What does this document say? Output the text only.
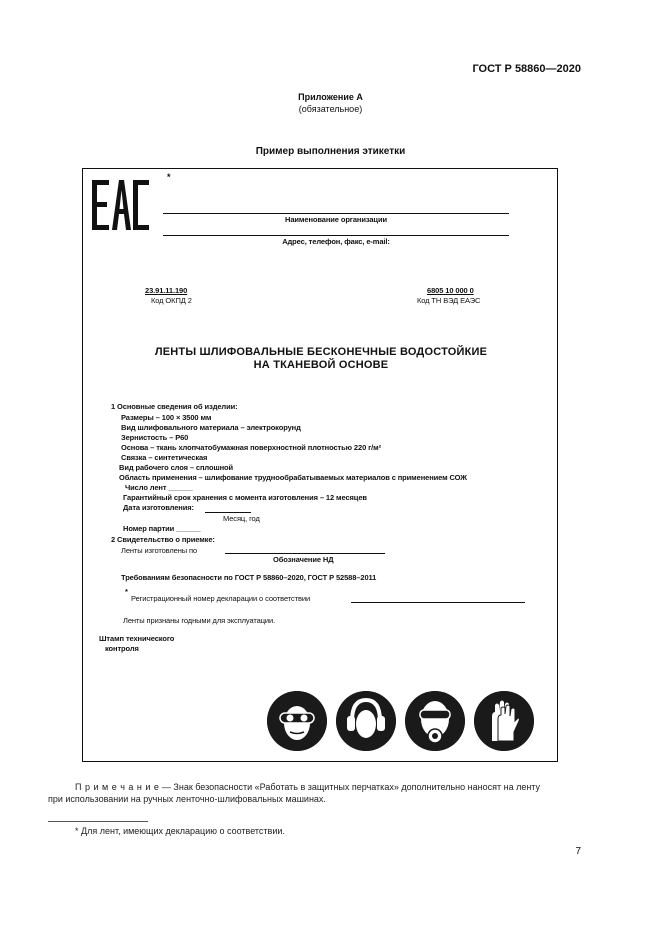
ГОСТ Р 58860—2020
Приложение А
(обязательное)
Пример выполнения этикетки
*
Наименование организации
Адрес, телефон, факс, e-mail:
23.91.11.190
Код ОКПД 2
6805 10 000 0
Код ТН ВЭД ЕАЭС
ЛЕНТЫ ШЛИФОВАЛЬНЫЕ БЕСКОНЕЧНЫЕ ВОДОСТОЙКИЕ
НА ТКАНЕВОЙ ОСНОВЕ
1 Основные сведения об изделии:
Размеры – 100 × 3500 мм
Вид шлифовального материала – электрокорунд
Зернистость – Р60
Основа – ткань хлопчатобумажная поверхностной плотностью 220 г/м²
Связка – синтетическая
Вид рабочего слоя – сплошной
Область применения – шлифование труднообрабатываемых материалов с применением СОЖ
Число лент ______
Гарантийный срок хранения с момента изготовления – 12 месяцев
Дата изготовления:
Месяц, год
Номер партии ______
2 Свидетельство о приемке:
Ленты изготовлены по
Обозначение НД
Требованиям безопасности по ГОСТ Р 58860–2020, ГОСТ Р 52588–2011
*
Регистрационный номер декларации о соответствии
Ленты признаны годными для эксплуатации.
Штамп технического
контроля
П р и м е ч а н и е — Знак безопасности «Работать в защитных перчатках» дополнительно наносят на ленту
при использовании на ручных ленточно-шлифовальных машинах.
* Для лент, имеющих декларацию о соответствии.
7
